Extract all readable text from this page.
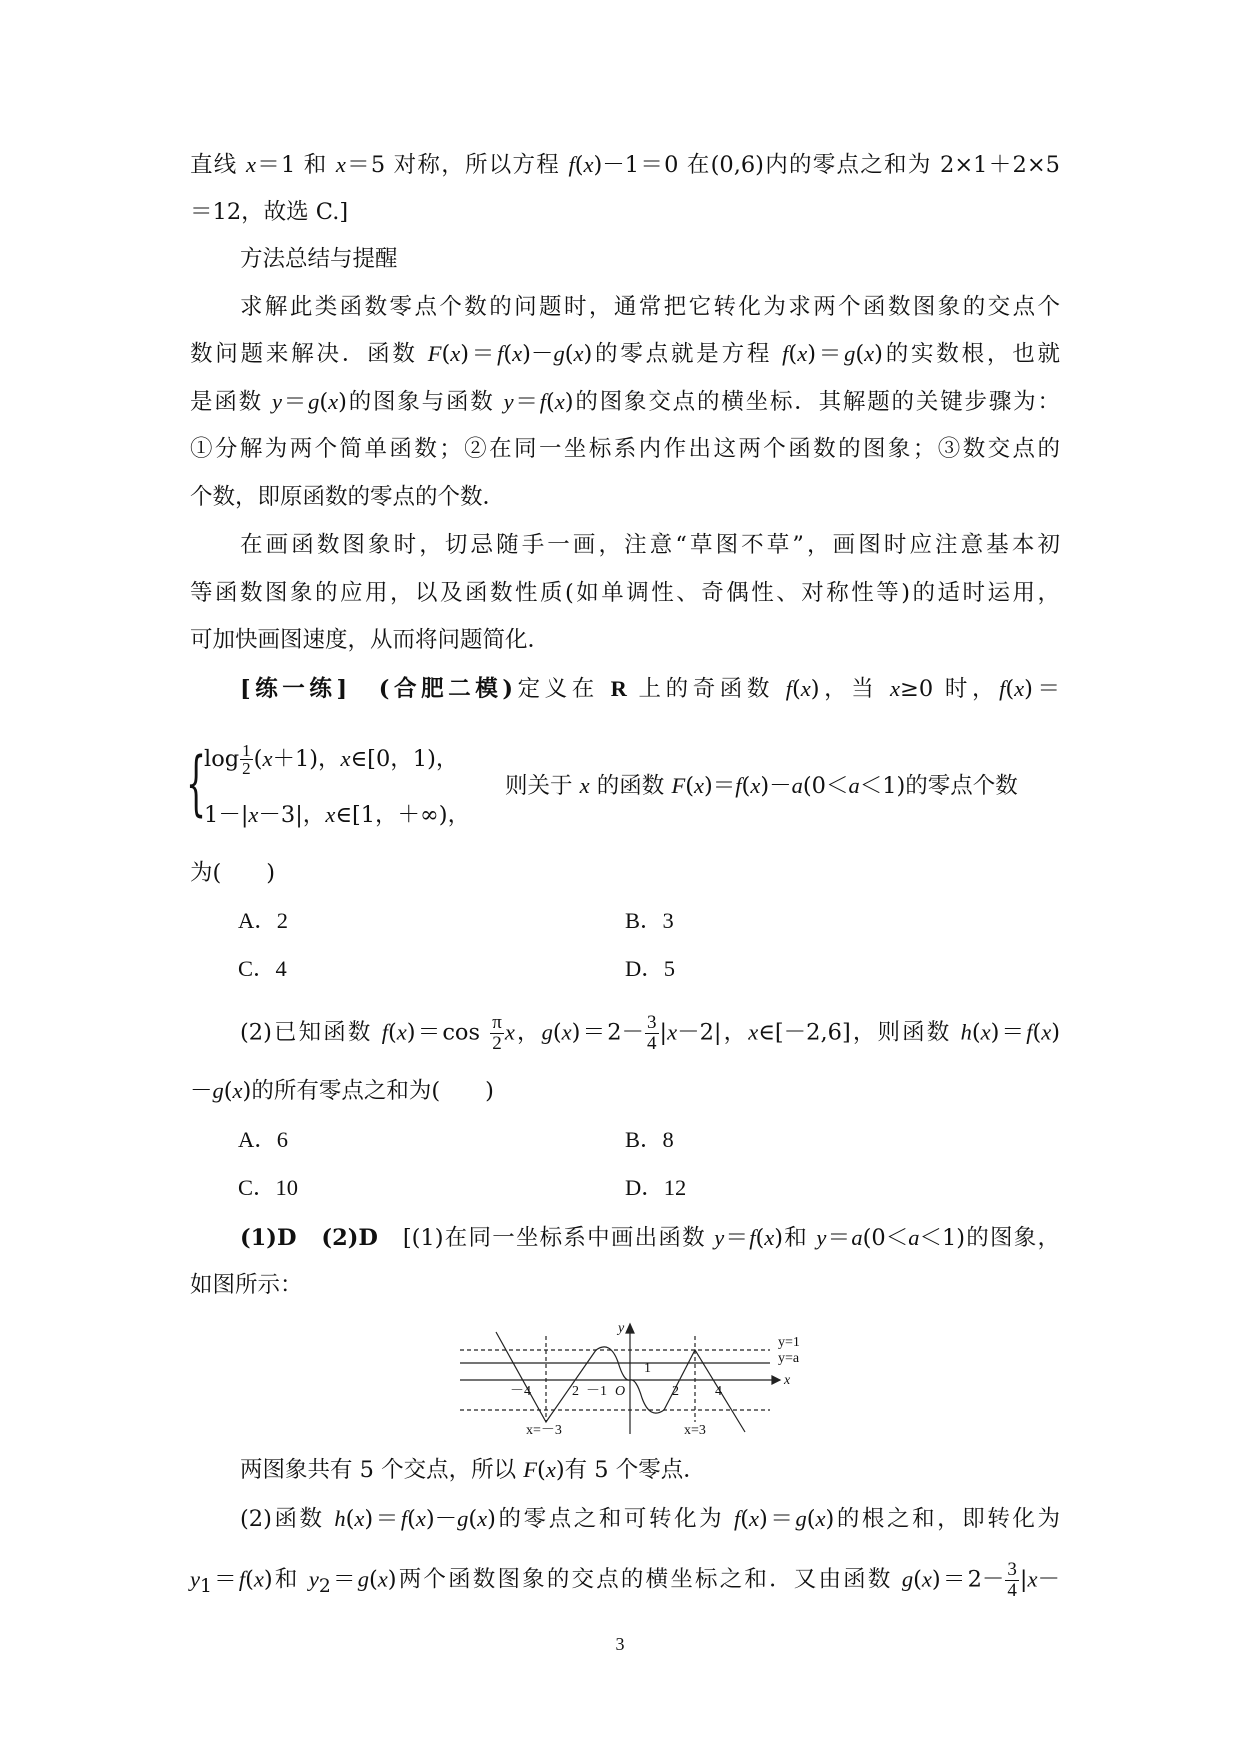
直线 x＝1 和 x＝5 对称，所以方程 f(x)－1＝0 在(0,6)内的零点之和为 2×1＋2×5
＝12，故选 C.]
方法总结与提醒
求解此类函数零点个数的问题时，通常把它转化为求两个函数图象的交点个
数问题来解决．函数 F(x)＝f(x)－g(x)的零点就是方程 f(x)＝g(x)的实数根，也就
是函数 y＝g(x)的图象与函数 y＝f(x)的图象交点的横坐标．其解题的关键步骤为：
①分解为两个简单函数；②在同一坐标系内作出这两个函数的图象；③数交点的
个数，即原函数的零点的个数．
在画函数图象时，切忌随手一画，注意“草图不草”，画图时应注意基本初
等函数图象的应用，以及函数性质(如单调性、奇偶性、对称性等)的适时运用，
可加快画图速度，从而将问题简化．
[练一练]　 (合肥二模)定义在 R 上的奇函数 f(x)，当 x≥0 时，f(x)＝
{
$\log \frac{1}{2} (x+1)$，x∈[0，1)，
1－|x－3|，x∈[1，＋∞)，
则关于 x 的函数 F(x)＝f(x)－a(0＜a＜1)的零点个数
为(　　)
A．2	B．3
C．4	D．5
(2)已知函数 $f(x)=\cos \frac{\pi}{2}$ x，$g(x)=2- \frac{3}{4} |x-2|$，x∈[－2,6]，则函数 h(x)＝f(x)
－g(x)的所有零点之和为(　　)
A．6	B．8
C．10	D．12
(1)D　(2)D　[(1)在同一坐标系中画出函数 y＝f(x)和 y＝a(0＜a＜1)的图象，
如图所示：
y
x
y=1
y=a
－4	2 －1 O
1
2	4
x=－3	x=3
两图象共有 5 个交点，所以 F(x)有 5 个零点．
(2)函数 h(x)＝f(x)－g(x)的零点之和可转化为 f(x)＝g(x)的根之和，即转化为
$y_1=f(x)$和 $y_2=g(x)$两个函数图象的交点的横坐标之和．又由函数 $g(x)=2- \frac{3}{4} |x-$
3
